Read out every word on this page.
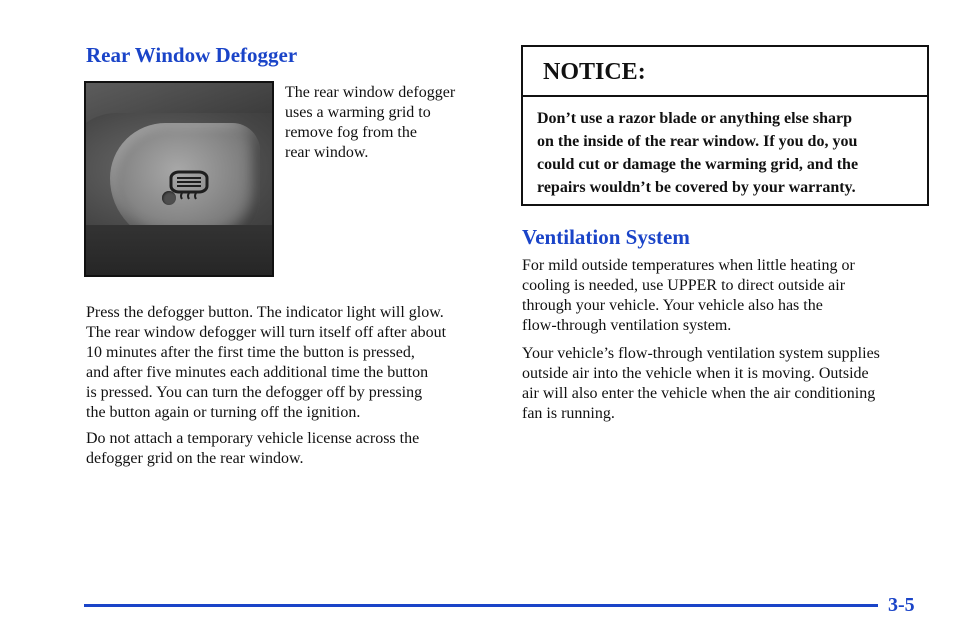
Rear Window Defogger

The rear window defogger
uses a warming grid to
remove fog from the
rear window.

Press the defogger button. The indicator light will glow.
The rear window defogger will turn itself off after about
10 minutes after the first time the button is pressed,
and after five minutes each additional time the button
is pressed. You can turn the defogger off by pressing
the button again or turning off the ignition.

Do not attach a temporary vehicle license across the
defogger grid on the rear window.

NOTICE:

Don’t use a razor blade or anything else sharp
on the inside of the rear window. If you do, you
could cut or damage the warming grid, and the
repairs wouldn’t be covered by your warranty.

Ventilation System

For mild outside temperatures when little heating or
cooling is needed, use UPPER to direct outside air
through your vehicle. Your vehicle also has the
flow-through ventilation system.

Your vehicle’s flow-through ventilation system supplies
outside air into the vehicle when it is moving. Outside
air will also enter the vehicle when the air conditioning
fan is running.

3-5
